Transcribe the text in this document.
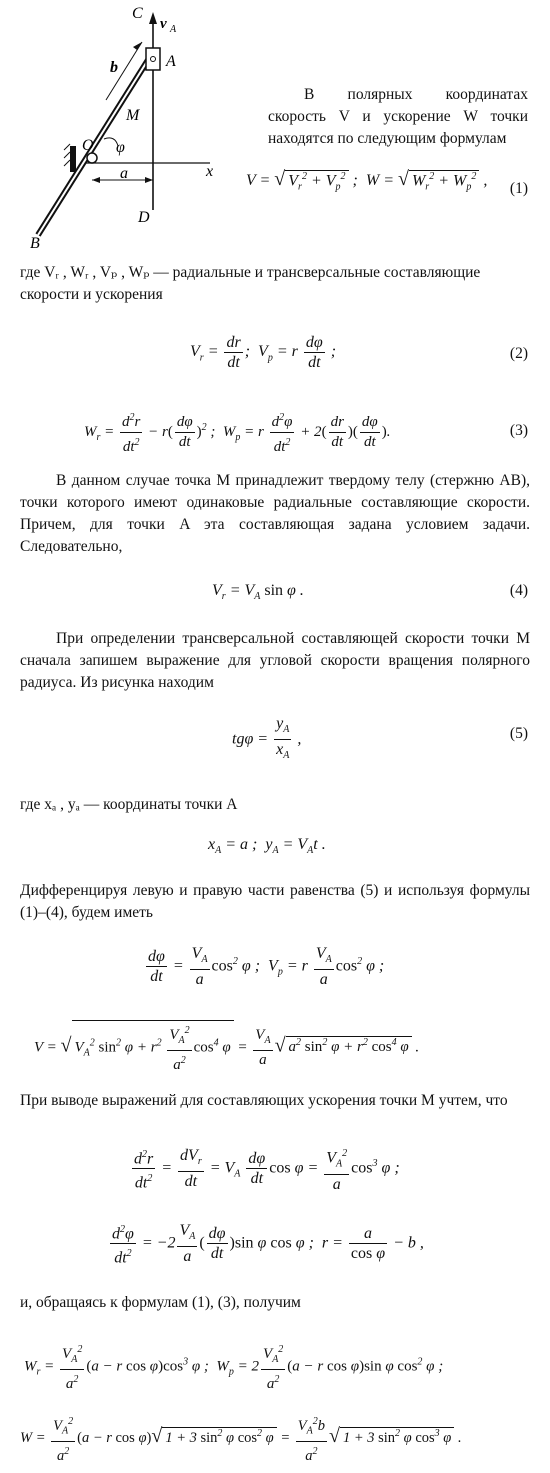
C
v A
A
b
M
O φ
a	x
D
B
В полярных координатах скорость V и ускорение W точки находятся по следующим формулам
V = √ $V_r^2 + V_p^2$ ;  W = √ $W_r^2 + W_p^2$ , (1)
где Vᵣ , Wᵣ , Vₚ , Wₚ — радиальные и трансверсальные составляющие скорости и ускорения
$V_r = \frac{dr}{dt}$ ;  $V_p = r \frac{d\varphi}{dt}$ ;	(2)
$W_r = \frac{d^2r}{dt^2} - r( \frac{d\varphi}{dt} )^2$ ;  $W_p = r \frac{d^2\varphi}{dt^2} + 2( \frac{dr}{dt}$ )( $\frac{d\varphi}{dt}$ ).	(3)
В данном случае точка M принадлежит твердому телу (стержню AB), точки которого имеют одинаковые радиальные составляющие скорости. Причем, для точки A эта составляющая задана условием задачи. Следовательно,
$V_r = V_A$ sin φ .	(4)
При определении трансверсальной составляющей скорости точки M сначала запишем выражение для угловой скорости вращения полярного радиуса. Из рисунка находим
$tg\varphi = \frac{y_A}{x_A}$ ,	(5)
где xₐ , yₐ — координаты точки A
$x_A = a$ ;  $y_A = V_At$ .
Дифференцируя левую и правую части равенства (5) и используя формулы (1)–(4), будем иметь
$\frac{d\varphi}{dt} = \frac{V_A}{a} \cos^2 \varphi$ ;  $V_p = r \frac{V_A}{a} \cos^2 \varphi$ ;
V = √ $V_A^2$ $\sin^2 \varphi + r^2 \frac{V_A^2}{a^2} \cos^4 \varphi = \frac{V_A}{a}$ √ $a^2$ $\sin^2 \varphi + r^2$ $\cos^4 \varphi$ .
При выводе выражений для составляющих ускорения точки M учтем, что
$\frac{d^2r}{dt^2} = \frac{dV_r}{dt} = V_A \frac{d\varphi}{dt}$ $\cos \varphi = \frac{V_A^2}{a} \cos^3 \varphi$ ;
$\frac{d^2\varphi}{dt^2} = -2 \frac{V_A}{a}$ ( $\frac{d\varphi}{dt} )\sin$ φ cos φ ;  $r = \frac{a}{\text{cos φ}} - b$ ,
и, обращаясь к формулам (1), (3), получим
$W_r = \frac{V_A^2}{a^2} (a - r$ $\cos \varphi)\cos^3$ φ ;  $W_p = 2 \frac{V_A^2}{a^2} (a - r$ cos φ)sin φ $\cos^2 \varphi$ ;
$W = \frac{V_A^2}{a^2} (a - r$ cos φ)√ 1 + 3 $\sin^2 \varphi$ $\cos^2 \varphi = \frac{V_A^2b}{a^2}$ √ 1 + 3 $\sin^2 \varphi$ $\cos^3 \varphi$ .
